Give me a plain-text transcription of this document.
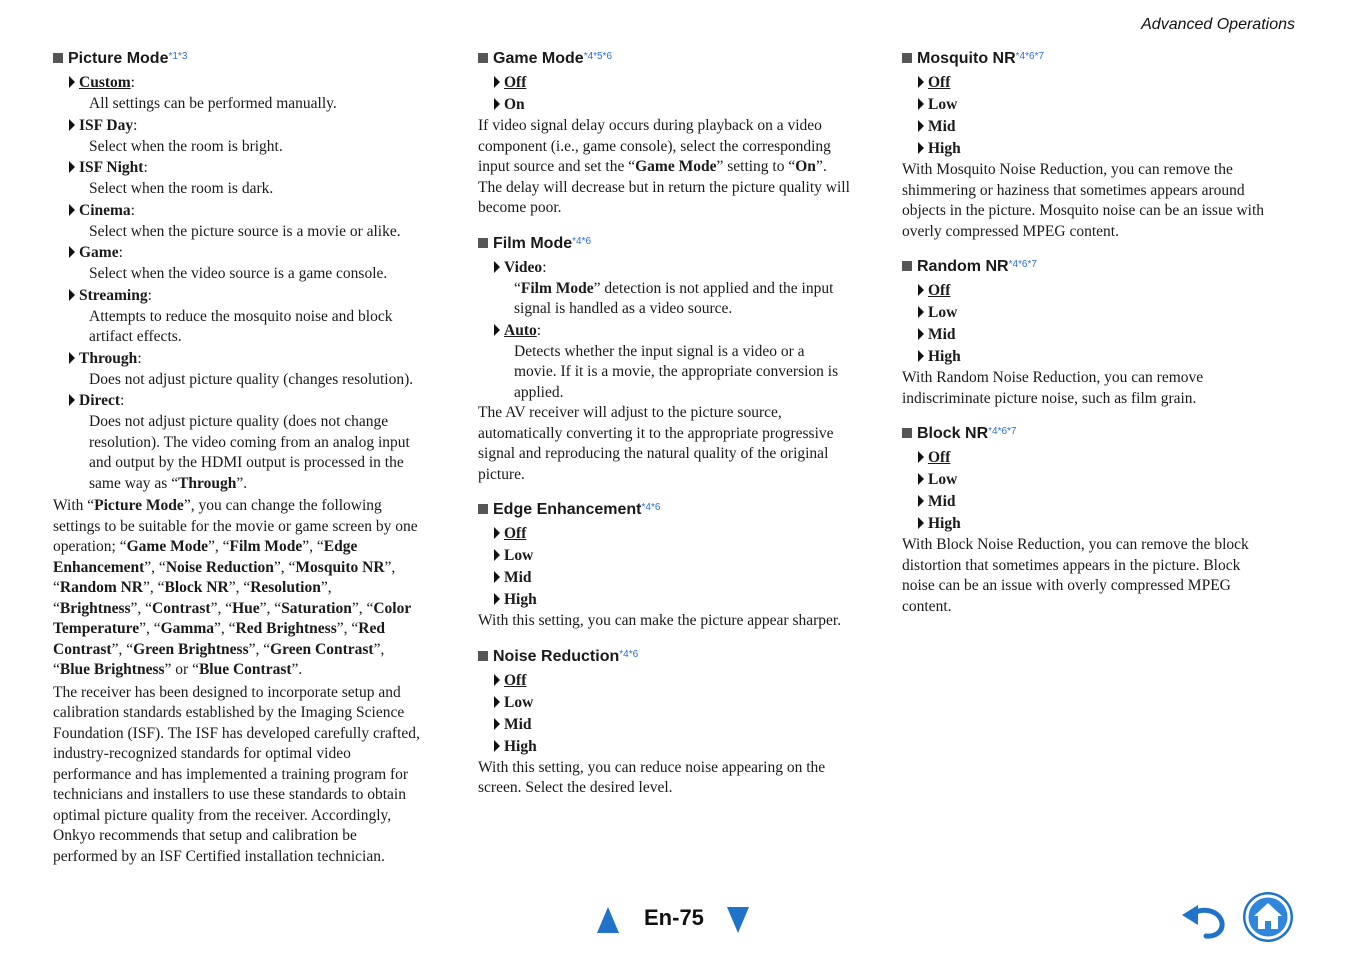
Advanced Operations
Picture Mode$^{*1*3}$
Custom:
All settings can be performed manually.
ISF Day:
Select when the room is bright.
ISF Night:
Select when the room is dark.
Cinema:
Select when the picture source is a movie or alike.
Game:
Select when the video source is a game console.
Streaming:
Attempts to reduce the mosquito noise and block
artifact effects.
Through:
Does not adjust picture quality (changes resolution).
Direct:
Does not adjust picture quality (does not change
resolution). The video coming from an analog input
and output by the HDMI output is processed in the
same way as “Through”.
With “Picture Mode”, you can change the following
settings to be suitable for the movie or game screen by one
operation; “Game Mode”, “Film Mode”, “Edge
Enhancement”, “Noise Reduction”, “Mosquito NR”,
“Random NR”, “Block NR”, “Resolution”,
“Brightness”, “Contrast”, “Hue”, “Saturation”, “Color
Temperature”, “Gamma”, “Red Brightness”, “Red
Contrast”, “Green Brightness”, “Green Contrast”,
“Blue Brightness” or “Blue Contrast”.
The receiver has been designed to incorporate setup and
calibration standards established by the Imaging Science
Foundation (ISF). The ISF has developed carefully crafted,
industry-recognized standards for optimal video
performance and has implemented a training program for
technicians and installers to use these standards to obtain
optimal picture quality from the receiver. Accordingly,
Onkyo recommends that setup and calibration be
performed by an ISF Certified installation technician.
Game Mode$^{*4*5*6}$
Off
On
If video signal delay occurs during playback on a video
component (i.e., game console), select the corresponding
input source and set the “Game Mode” setting to “On”.
The delay will decrease but in return the picture quality will
become poor.
Film Mode$^{*4*6}$
Video:
“Film Mode” detection is not applied and the input
signal is handled as a video source.
Auto:
Detects whether the input signal is a video or a
movie. If it is a movie, the appropriate conversion is
applied.
The AV receiver will adjust to the picture source,
automatically converting it to the appropriate progressive
signal and reproducing the natural quality of the original
picture.
Edge Enhancement$^{*4*6}$
Off
Low
Mid
High
With this setting, you can make the picture appear sharper.
Noise Reduction$^{*4*6}$
Off
Low
Mid
High
With this setting, you can reduce noise appearing on the
screen. Select the desired level.
Mosquito $NR^{*4*6*7}$
Off
Low
Mid
High
With Mosquito Noise Reduction, you can remove the
shimmering or haziness that sometimes appears around
objects in the picture. Mosquito noise can be an issue with
overly compressed MPEG content.
Random $NR^{*4*6*7}$
Off
Low
Mid
High
With Random Noise Reduction, you can remove
indiscriminate picture noise, such as film grain.
Block $NR^{*4*6*7}$
Off
Low
Mid
High
With Block Noise Reduction, you can remove the block
distortion that sometimes appears in the picture. Block
noise can be an issue with overly compressed MPEG
content.
En-75
